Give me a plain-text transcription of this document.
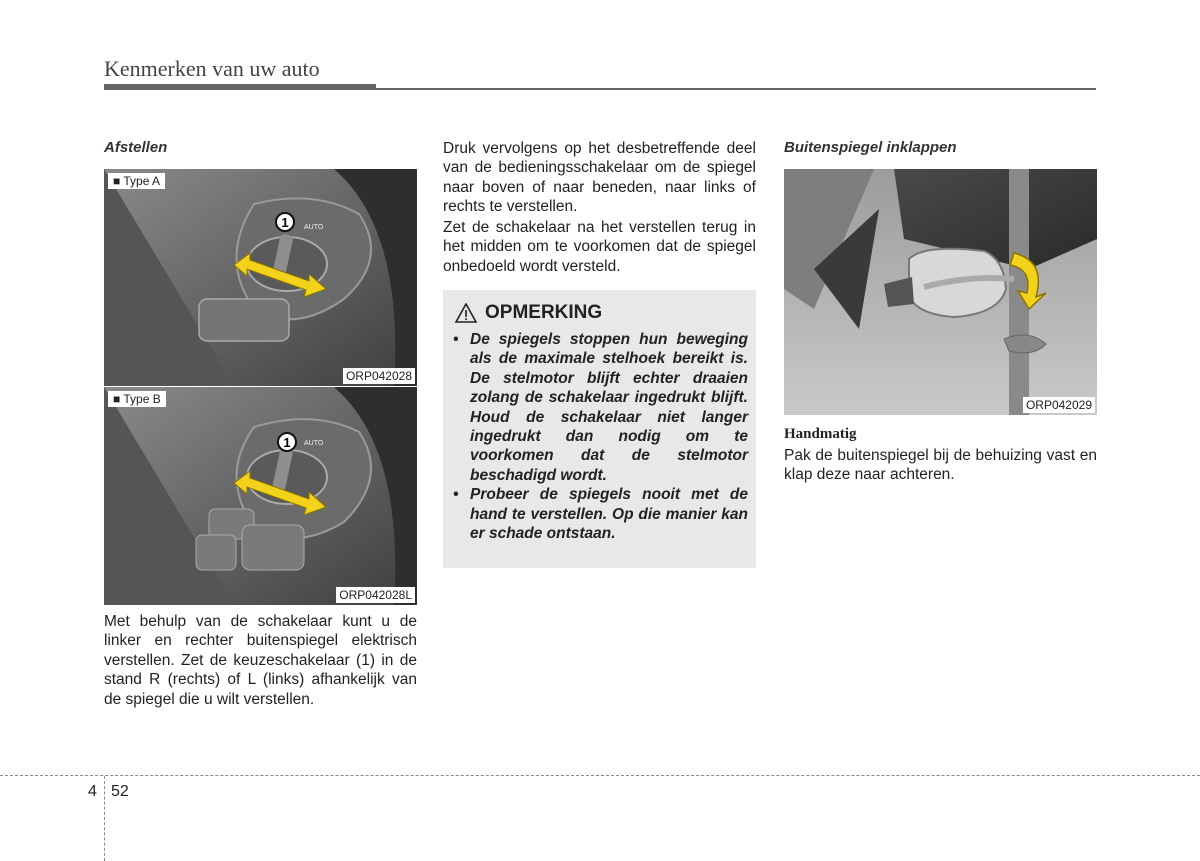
Kenmerken van uw auto
Afstellen
1 AUTO
■ Type A
ORP042028
1 AUTO
■ Type B
ORP042028L

Met behulp van de schakelaar kunt u de linker en rechter buitenspiegel elektrisch verstellen. Zet de keuzeschakelaar (1) in de stand R (rechts) of L (links) afhankelijk van de spiegel die u wilt verstellen.

Druk vervolgens op het desbetreffende deel van de bedieningsschakelaar om de spiegel naar boven of naar beneden, naar links of rechts te verstellen.

Zet de schakelaar na het verstellen terug in het midden om te voorkomen dat de spiegel onbedoeld wordt versteld.

OPMERKING
• De spiegels stoppen hun beweging als de maximale stelhoek bereikt is. De stelmotor blijft echter draaien zolang de schakelaar ingedrukt blijft. Houd de schakelaar niet langer ingedrukt dan nodig om te voorkomen dat de stelmotor beschadigd wordt.
• Probeer de spiegels nooit met de hand te verstellen. Op die manier kan er schade ontstaan.
Buitenspiegel inklappen
ORP042029
Handmatig

Pak de buitenspiegel bij de behuizing vast en klap deze naar achteren.

4 52
